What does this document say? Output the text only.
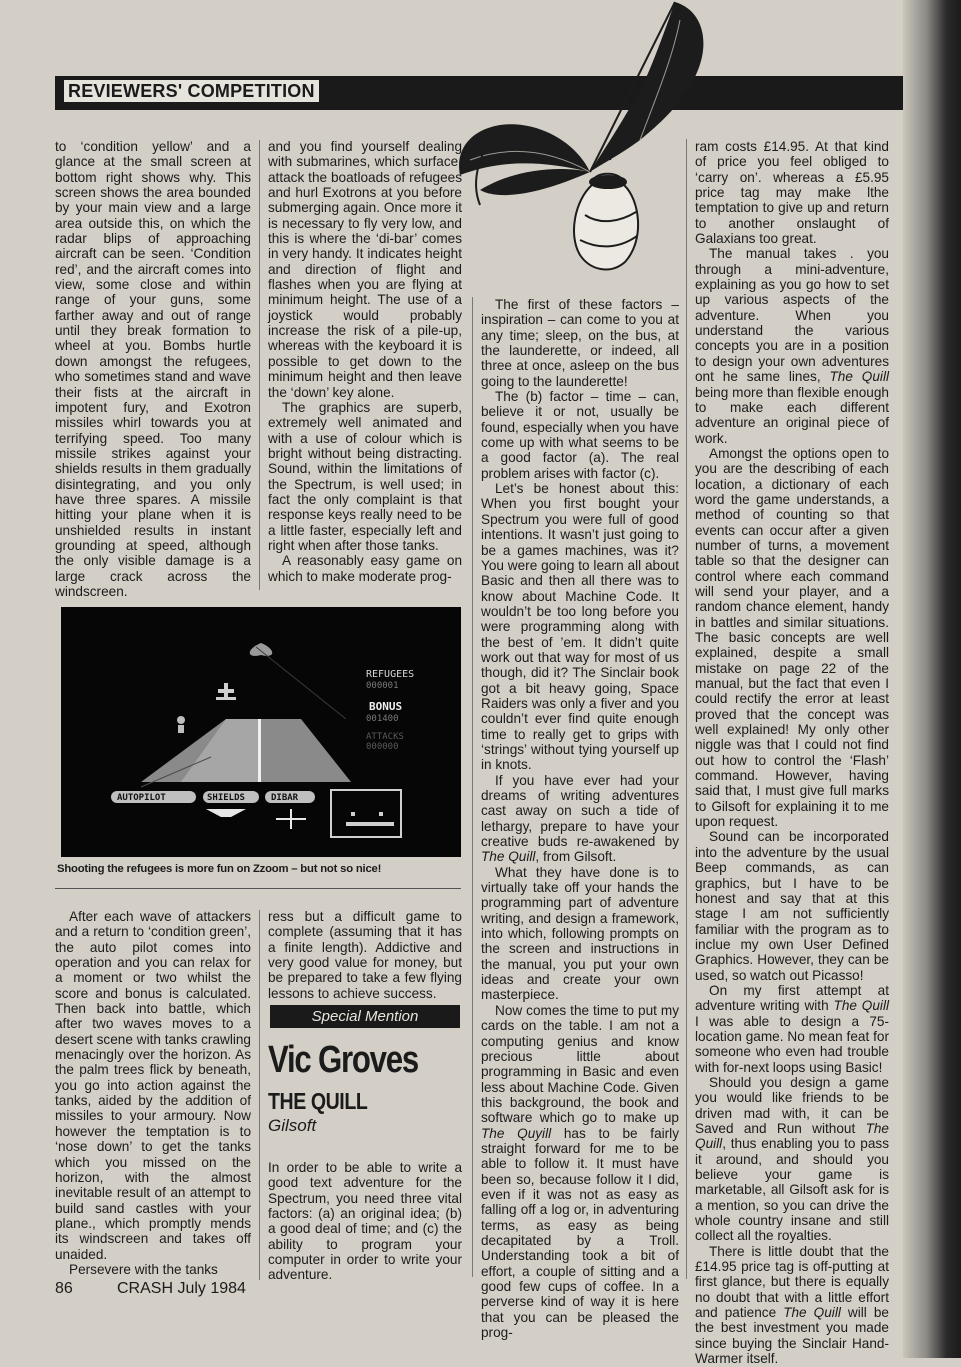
REVIEWERS' COMPETITION

to ‘condition yellow’ and a glance at the small screen at bottom right shows why. This screen shows the area bounded by your main view and a large area outside this, on which the radar blips of approaching aircraft can be seen. ‘Condition red’, and the aircraft comes into view, some close and within range of your guns, some farther away and out of range until they break formation to wheel at you. Bombs hurtle down amongst the refugees, who sometimes stand and wave their fists at the aircraft in impotent fury, and Exotron missiles whirl towards you at terrifying speed. Too many missile strikes against your shields results in them gradually disintegrating, and you only have three spares. A missile hitting your plane when it is unshielded results in instant grounding at speed, although the only visible damage is a large crack across the windscreen.

and you find yourself dealing with submarines, which surface, attack the boatloads of refugees and hurl Exotrons at you before submerging again. Once more it is necessary to fly very low, and this is where the ‘di-bar’ comes in very handy. It indicates height and direction of flight and flashes when you are flying at minimum height. The use of a joystick would probably increase the risk of a pile-up, whereas with the keyboard it is possible to get down to the minimum height and then leave the ‘down’ key alone.

The graphics are superb, extremely well animated and with a use of colour which is bright without being distracting. Sound, within the limitations of the Spectrum, is well used; in fact the only complaint is that response keys really need to be a little faster, especially left and right when after those tanks.

A reasonably easy game on which to make moderate prog-

REFUGEES
000001
BONUS
001400
ATTACKS
000000
AUTOPILOT	SHIELDS	DIBAR
Shooting the refugees is more fun on Zzoom – but not so nice!

After each wave of attackers and a return to ‘condition green’, the auto pilot comes into operation and you can relax for a moment or two whilst the score and bonus is calculated. Then back into battle, which after two waves moves to a desert scene with tanks crawling menacingly over the horizon. As the palm trees flick by beneath, you go into action against the tanks, aided by the addition of missiles to your armoury. Now however the temptation is to ‘nose down’ to get the tanks which you missed on the horizon, with the almost inevitable result of an attempt to build sand castles with your plane., which promptly mends its windscreen and takes off unaided.

Persevere with the tanks

ress but a difficult game to complete (assuming that it has a finite length). Addictive and very good value for money, but be prepared to take a few flying lessons to achieve success.

Special Mention
Vic Groves
THE QUILL
Gilsoft

In order to be able to write a good text adventure for the Spectrum, you need three vital factors: (a) an original idea; (b) a good deal of time; and (c) the ability to program your computer in order to write your adventure.

The first of these factors – inspiration – can come to you at any time; sleep, on the bus, at the launderette, or indeed, all three at once, asleep on the bus going to the launderette!

The (b) factor – time – can, believe it or not, usually be found, especially when you have come up with what seems to be a good factor (a). The real problem arises with factor (c).

Let’s be honest about this: When you first bought your Spectrum you were full of good intentions. It wasn’t just going to be a games machines, was it? You were going to learn all about Basic and then all there was to know about Machine Code. It wouldn’t be too long before you were programming along with the best of ’em. It didn’t quite work out that way for most of us though, did it? The Sinclair book got a bit heavy going, Space Raiders was only a fiver and you couldn’t ever find quite enough time to really get to grips with ‘strings’ without tying yourself up in knots.

If you have ever had your dreams of writing adventures cast away on such a tide of lethargy, prepare to have your creative buds re-awakened by The Quill, from Gilsoft.

What they have done is to virtually take off your hands the programming part of adventure writing, and design a framework, into which, following prompts on the screen and instructions in the manual, you put your own ideas and create your own masterpiece.

Now comes the time to put my cards on the table. I am not a computing genius and know precious little about programming in Basic and even less about Machine Code. Given this background, the book and software which go to make up The Quyill has to be fairly straight forward for me to be able to follow it. It must have been so, because follow it I did, even if it was not as easy as falling off a log or, in adventuring terms, as easy as being decapitated by a Troll. Understanding took a bit of effort, a couple of sitting and a good few cups of coffee. In a perverse kind of way it is here that you can be pleased the prog-

ram costs £14.95. At that kind of price you feel obliged to ‘carry on’. whereas a £5.95 price tag may make lthe temptation to give up and return to another onslaught of Galaxians too great.

The manual takes . you through a mini-adventure, explaining as you go how to set up various aspects of the adventure. When you understand the various concepts you are in a position to design your own adventures ont he same lines, The Quill being more than flexible enough to make each different adventure an original piece of work.

Amongst the options open to you are the describing of each location, a dictionary of each word the game understands, a method of counting so that events can occur after a given number of turns, a movement table so that the designer can control where each command will send your player, and a random chance element, handy in battles and similar situations. The basic concepts are well explained, despite a small mistake on page 22 of the manual, but the fact that even I could rectify the error at least proved that the concept was well explained! My only other niggle was that I could not find out how to control the ‘Flash’ command. However, having said that, I must give full marks to Gilsoft for explaining it to me upon request.

Sound can be incorporated into the adventure by the usual Beep commands, as can graphics, but I have to be honest and say that at this stage I am not sufficiently familiar with the program as to inclue my own User Defined Graphics. However, they can be used, so watch out Picasso!

On my first attempt at adventure writing with The Quill I was able to design a 75-location game. No mean feat for someone who even had trouble with for-next loops using Basic!

Should you design a game you would like friends to be driven mad with, it can be Saved and Run without The Quill, thus enabling you to pass it around, and should you believe your game is marketable, all Gilsoft ask for is a mention, so you can drive the whole country insane and still collect all the royalties.

There is little doubt that the £14.95 price tag is off-putting at first glance, but there is equally no doubt that with a little effort and patience The Quill will be the best investment you made since buying the Sinclair Hand-Warmer itself.

86	CRASH July 1984
